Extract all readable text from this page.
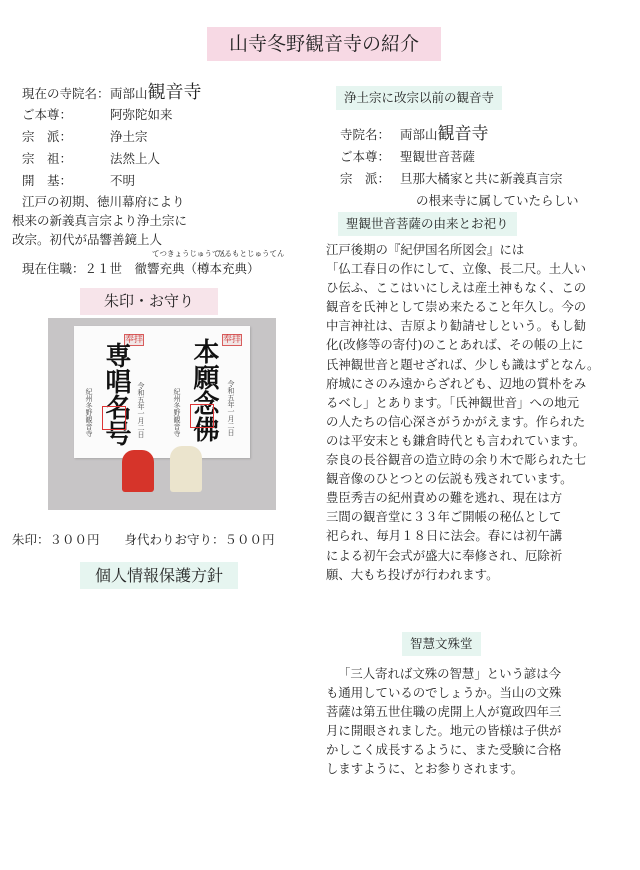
山寺冬野観音寺の紹介
現在の寺院名：両部山観音寺
ご本尊：	阿弥陀如来
宗　派：	浄土宗
宗　祖：	法然上人
開　基：	不明
江戸の初期、徳川幕府により
根来の新義真言宗より浄土宗に
改宗。初代が品響善鏡上人
てつきょうじゅうてん
たるもとじゅうてん
現在住職：２１世　徹響充典（樽本充典）
朱印・お守り
奉拝
専唱名号
紀州冬野観音寺	令和五年一月二日
奉拝
本願念佛
紀州冬野観音寺	令和五年一月二日
朱印：３００円　　身代わりお守り：５００円
個人情報保護方針
浄土宗に改宗以前の観音寺
寺院名： 両部山観音寺
ご本尊： 聖観世音菩薩
宗　派： 旦那大橘家と共に新義真言宗
の根来寺に属していたらしい
聖観世音菩薩の由来とお祀り

江戸後期の『紀伊国名所図会』には

「仏工春日の作にして、立像、長二尺。土人い

ひ伝ふ、ここはいにしえは産土神もなく、この

観音を氏神として崇め来たること年久し。今の

中言神社は、吉原より勧請せしという。もし勧

化(改修等の寄付)のことあれば、その帳の上に

氏神観世音と題せざれば、少しも識はずとなん。

府城にさのみ遠からざれども、辺地の質朴をみ

るべし」とあります。「氏神観世音」への地元

の人たちの信心深さがうかがえます。作られた

のは平安末とも鎌倉時代とも言われています。

奈良の長谷観音の造立時の余り木で彫られた七

観音像のひとつとの伝説も残されています。

豊臣秀吉の紀州責めの難を逃れ、現在は方

三間の観音堂に３３年ご開帳の秘仏として

祀られ、毎月１８日に法会。春には初午講

による初午会式が盛大に奉修され、厄除祈

願、大もち投げが行われます。

智慧文殊堂

「三人寄れば文殊の智慧」という諺は今

も通用しているのでしょうか。当山の文殊

菩薩は第五世住職の虎開上人が寛政四年三

月に開眼されました。地元の皆様は子供が

かしこく成長するように、また受験に合格

しますように、とお参りされます。
